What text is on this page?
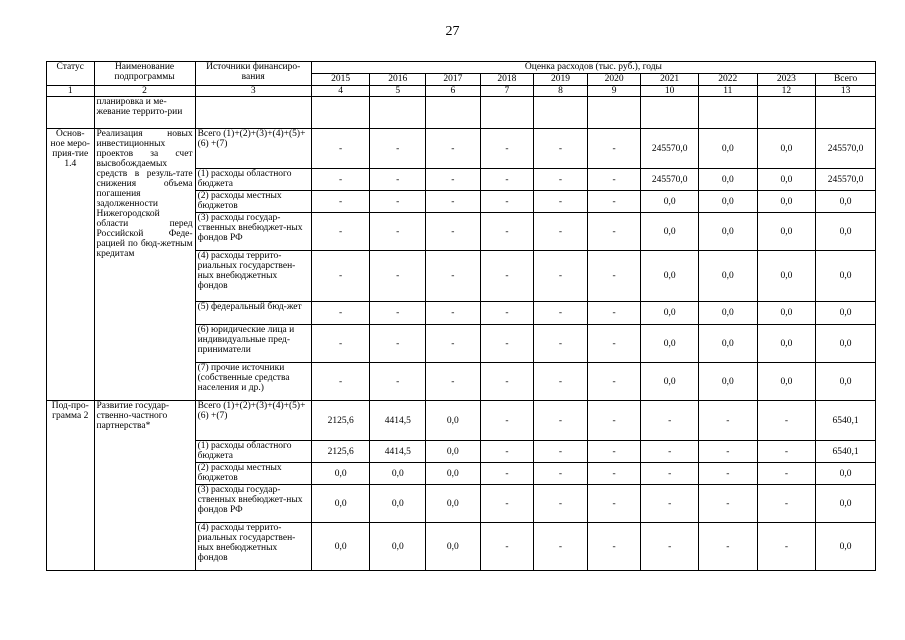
27
Статус	Наименование подпрограммы	Источники финансиро-вания	Оценка расходов (тыс. руб.), годы									
			2015	2016	2017	2018	2019	2020	2021	2022	2023	Всего
1	2	3	4	5	6	7	8	9	10	11	12	13
	планировка и ме-жевание террито-рии											
Основ-ное меро-прия-тие 1.4	Реализация новых инвестиционных проектов за счет высвобождаемых средств в резуль-тате снижения объема погашения задолженности Нижегородской области перед Российской Феде-рацией по бюд-жетным кредитам	Всего (1)+(2)+(3)+(4)+(5)+(6) +(7)	-	-	-	-	-	-	245570,0	0,0	0,0	245570,0
		(1) расходы областного бюджета	-	-	-	-	-	-	245570,0	0,0	0,0	245570,0
		(2) расходы местных бюджетов	-	-	-	-	-	-	0,0	0,0	0,0	0,0
		(3) расходы государ-ственных внебюджет-ных фондов РФ	-	-	-	-	-	-	0,0	0,0	0,0	0,0
		(4) расходы террито-риальных государствен-ных внебюджетных фондов	-	-	-	-	-	-	0,0	0,0	0,0	0,0
		(5) федеральный бюд-жет	-	-	-	-	-	-	0,0	0,0	0,0	0,0
		(6) юридические лица и индивидуальные пред-приниматели	-	-	-	-	-	-	0,0	0,0	0,0	0,0
		(7) прочие источники (собственные средства населения и др.)	-	-	-	-	-	-	0,0	0,0	0,0	0,0
Под-про-грамма 2	Развитие государ-ственно-частного партнерства*	Всего (1)+(2)+(3)+(4)+(5)+(6) +(7)	2125,6	4414,5	0,0	-	-	-	-	-	-	6540,1
		(1) расходы областного бюджета	2125,6	4414,5	0,0	-	-	-	-	-	-	6540,1
		(2) расходы местных бюджетов	0,0	0,0	0,0	-	-	-	-	-	-	0,0
		(3) расходы государ-ственных внебюджет-ных фондов РФ	0,0	0,0	0,0	-	-	-	-	-	-	0,0
		(4) расходы террито-риальных государствен-ных внебюджетных фондов	0,0	0,0	0,0	-	-	-	-	-	-	0,0
